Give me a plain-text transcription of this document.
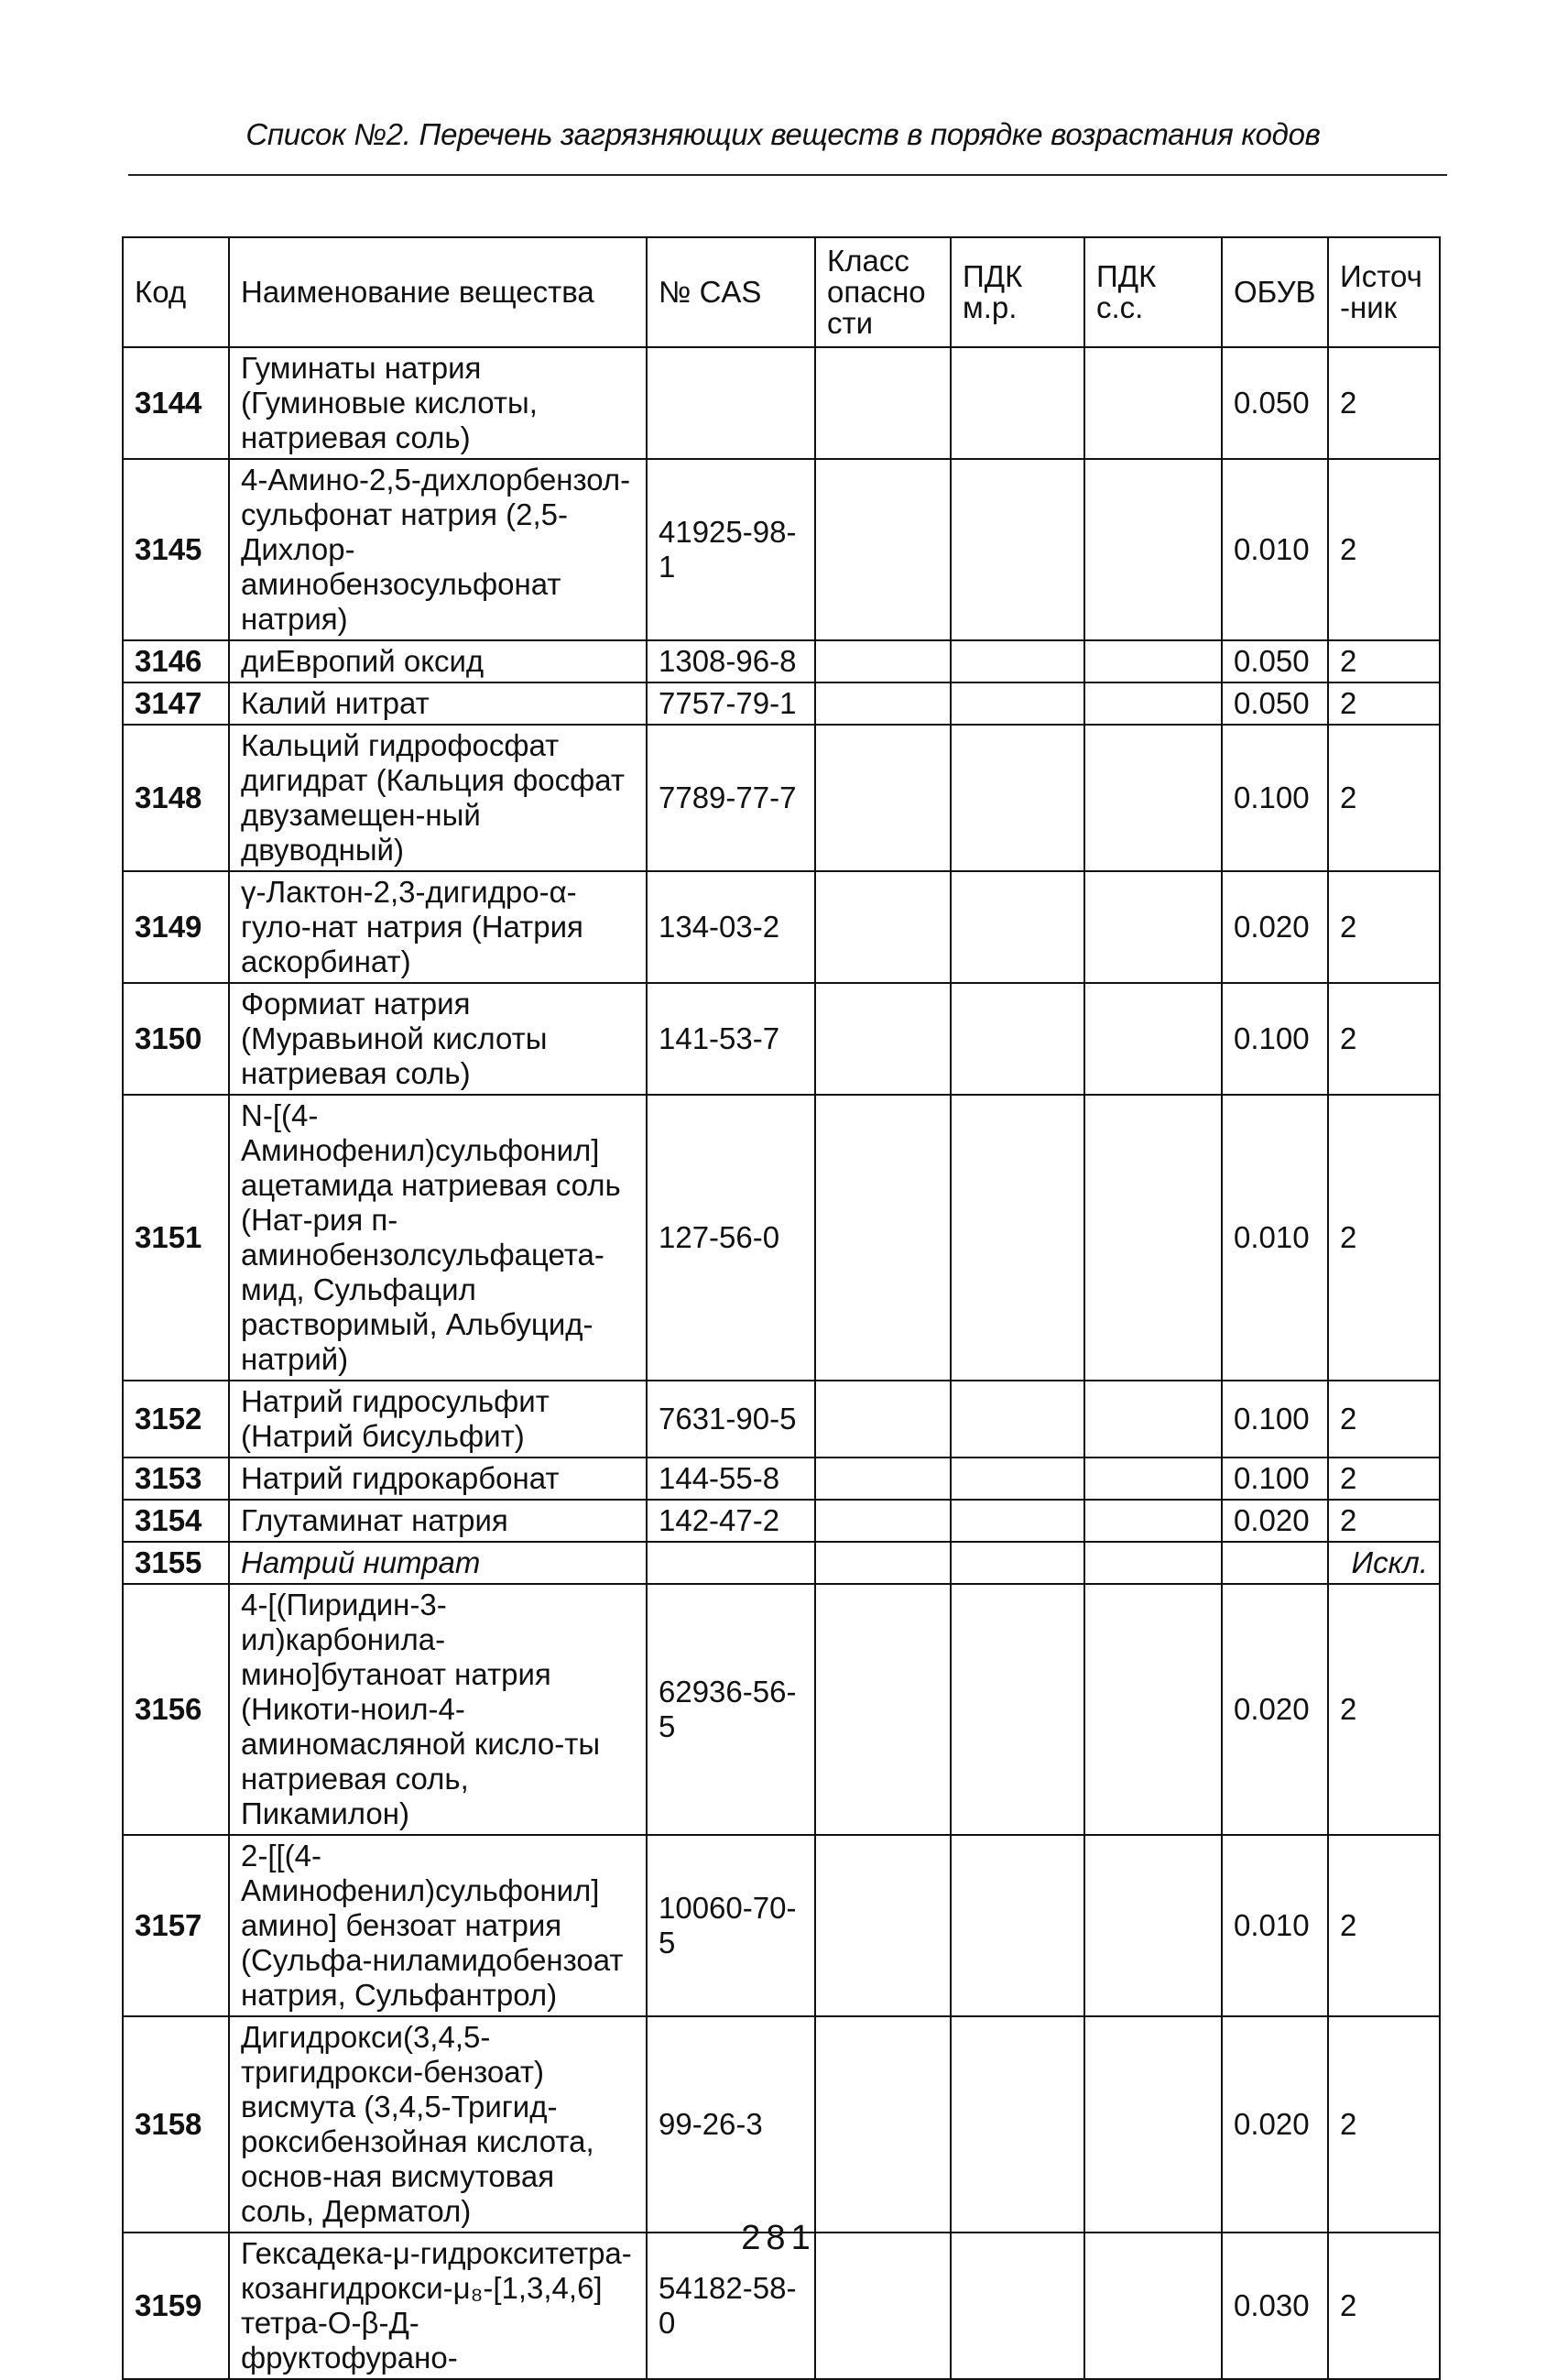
Список №2. Перечень загрязняющих веществ в порядке возрастания кодов
Код	Наименование вещества	№ CAS	Класс опасности	ПДК м.р.	ПДК с.с.	ОБУВ	Источ-ник
3144	Гуминаты натрия (Гуминовые кислоты, натриевая соль)					0.050	2
3145	4-Амино-2,5-дихлорбензол-сульфонат натрия (2,5-Дихлор-аминобензосульфонат натрия)	41925-98-1				0.010	2
3146	диЕвропий оксид	1308-96-8				0.050	2
3147	Калий нитрат	7757-79-1				0.050	2
3148	Кальций гидрофосфат дигидрат (Кальция фосфат двузамещен-ный двуводный)	7789-77-7				0.100	2
3149	γ-Лактон-2,3-дигидро-α-гуло-нат натрия (Натрия аскорбинат)	134-03-2				0.020	2
3150	Формиат натрия (Муравьиной кислоты натриевая соль)	141-53-7				0.100	2
3151	N-[(4-Аминофенил)сульфонил] ацетамида натриевая соль (Нат-рия п-аминобензолсульфацета-мид, Сульфацил растворимый, Альбуцид-натрий)	127-56-0				0.010	2
3152	Натрий гидросульфит (Натрий бисульфит)	7631-90-5				0.100	2
3153	Натрий гидрокарбонат	144-55-8				0.100	2
3154	Глутаминат натрия	142-47-2				0.020	2
3155	Натрий нитрат						Искл.
3156	4-[(Пиридин-3-ил)карбонила-мино]бутаноат натрия (Никоти-ноил-4-аминомасляной кисло-ты натриевая соль, Пикамилон)	62936-56-5				0.020	2
3157	2-[[(4-Аминофенил)сульфонил] амино] бензоат натрия (Сульфа-ниламидобензоат натрия, Сульфантрол)	10060-70-5				0.010	2
3158	Дигидрокси(3,4,5-тригидрокси-бензоат) висмута (3,4,5-Тригид-роксибензойная кислота, основ-ная висмутовая соль, Дерматол)	99-26-3				0.020	2
3159	Гексадека-μ-гидрокситетра-козангидрокси-μ₈-[1,3,4,6] тетра-О-β-Д-фруктофурано-	54182-58-0				0.030	2
281
